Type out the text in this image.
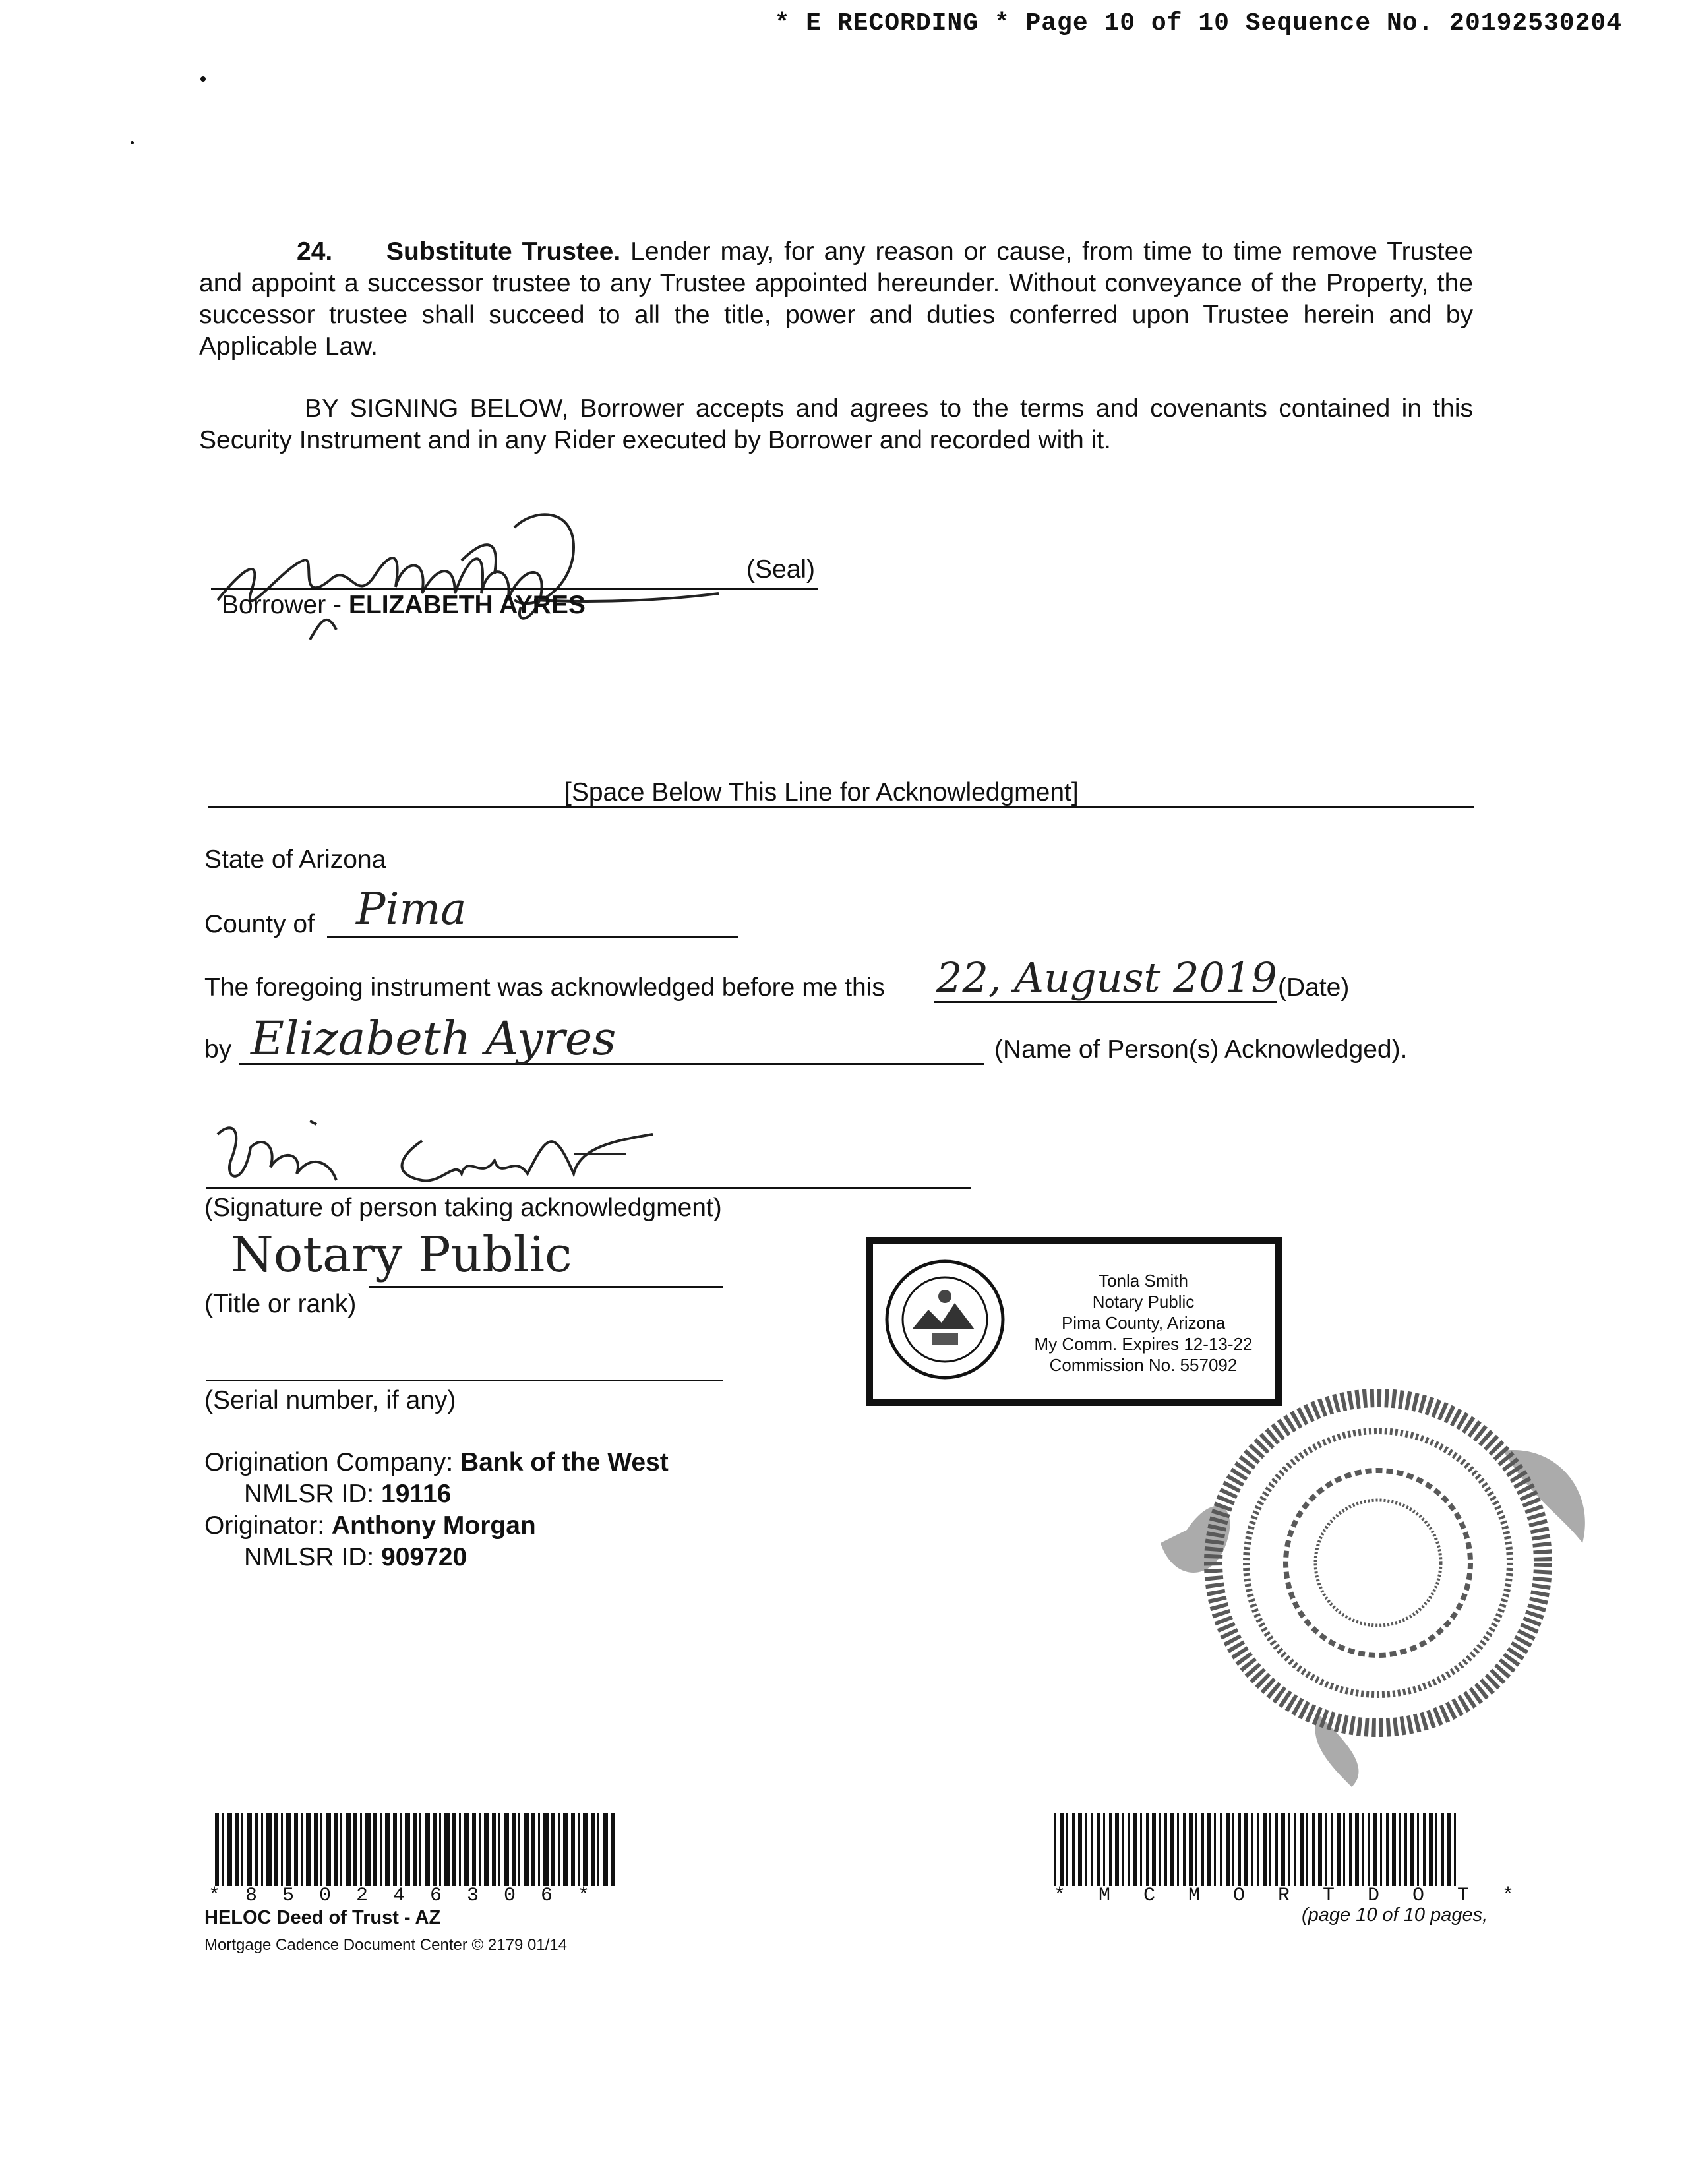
* E RECORDING * Page 10 of 10 Sequence No. 20192530204
24. Substitute Trustee. Lender may, for any reason or cause, from time to time remove Trustee and appoint a successor trustee to any Trustee appointed hereunder. Without conveyance of the Property, the successor trustee shall succeed to all the title, power and duties conferred upon Trustee herein and by Applicable Law.
BY SIGNING BELOW, Borrower accepts and agrees to the terms and covenants contained in this Security Instrument and in any Rider executed by Borrower and recorded with it.
(Seal)
Borrower - ELIZABETH AYRES
[Space Below This Line for Acknowledgment]
State of Arizona
County of Pima
The foregoing instrument was acknowledged before me this 22, August 2019 (Date)
by Elizabeth Ayres	(Name of Person(s) Acknowledged).
(Signature of person taking acknowledgment)
Notary Public
(Title or rank)
(Serial number, if any)
Tonla Smith
Notary Public
Pima County, Arizona
My Comm. Expires 12-13-22
Commission No. 557092
Origination Company: Bank of the West
NMLSR ID: 19116
Originator: Anthony Morgan
NMLSR ID: 909720
* 8 5 0 2 4 6 3 0 6 *
HELOC Deed of Trust - AZ
Mortgage Cadence Document Center © 2179 01/14
* M C M O R T D O T *
(page 10 of 10 pages,
